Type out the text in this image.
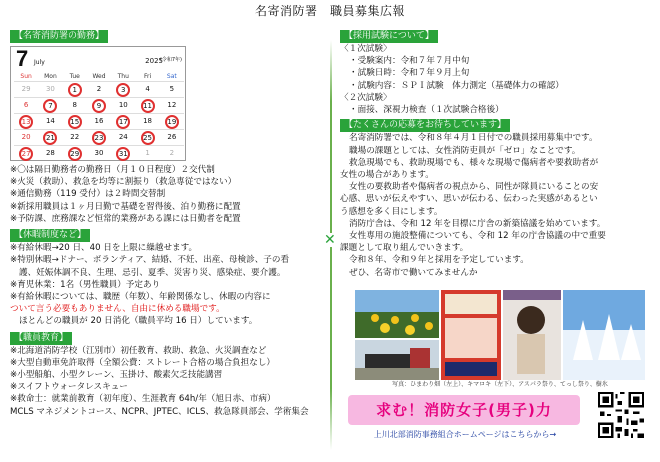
名寄消防署　職員募集広報
【名寄消防署の勤務】
7 July	2025
(令和7年)
Sun	Mon	Tue	Wed	Thu	Fri	Sat
29	30	1	2	3	4	5
6	7	8	9	10	11	12
13	14	15	16	17	18	19
20	21	22	23	24	25	26
27	28	29	30	31	1	2
※〇は隔日勤務者の勤務日（月１０日程度）２交代制
※火災（救助）、救急を均等に割振り（救急専従ではない）
※通信勤務（119 受付）は２時間交替制
※新採用職員は１ヶ月日勤で基礎を習得後、泊り勤務に配置
※予防課、庶務課など恒常的業務がある課には日勤者を配置
【休暇制度など】
※有給休暇→20 日、40 日を上限に繰越せます。
※特別休暇→ドナー、ボランティア、結婚、不妊、出産、母検診、子の看
護、妊娠体調不良、生理、忌引、夏季、災害り災、感染症、要介護。
※育児休業：1名（男性職員）予定あり
※有給休暇については、職歴（年数）、年齢関係なし、休暇の内容に
ついて言う必要もありません、自由に休める職場です。
ほとんどの職員が 20 日消化（職員平均 16 日）しています。
【職員教育】
※北海道消防学校（江別市）初任教育、救助、救急、火災調査など
※大型自動車免許取得（全額公費：ストレート合格の場合負担なし）
※小型船舶、小型クレーン、玉掛け、酸素欠乏技能講習
※スイフトウォータレスキュー
※救命士：就業前教育（初年度）、生涯教育 64h/年（旭日赤、市病）
MCLS マネジメントコース、NCPR、JPTEC、ICLS、救急隊員部会、学術集会
✕
【採用試験について】
〈１次試験〉
・受験案内：令和７年７月中旬
・試験日時：令和７年９月上旬
・試験内容：ＳＰＩ試験　体力測定（基礎体力の確認）
〈２次試験〉
・面接、深視力検査（１次試験合格後）
【たくさんの応募をお待ちしています】
名寄消防署では、令和８年４月１日付での職員採用募集中です。
職場の課題としては、女性消防吏員が「ゼロ」なことです。
救急現場でも、救助現場でも、様々な現場で傷病者や要救助者が
女性の場合があります。
女性の要救助者や傷病者の視点から、同性が隊員にいることの安
心感、思いが伝えやすい、思いが伝わる、伝わった実感があるとい
う感想を多く目にします。
消防庁舎は、令和 12 年を目標に庁舎の新築協議を始めています。
女性専用の施設整備についても、令和 12 年の庁舎協議の中で重要
課題として取り組んでいきます。
令和８年、令和９年と採用を予定しています。
ぜひ、名寄市で働いてみませんか
写真：ひまわり畑（左上）、キマロキ（左下）、アスパラ祭り、てっし祭り、樹氷
求む！消防女子(男子)力
上川北部消防事務組合ホームページはこちらから→
